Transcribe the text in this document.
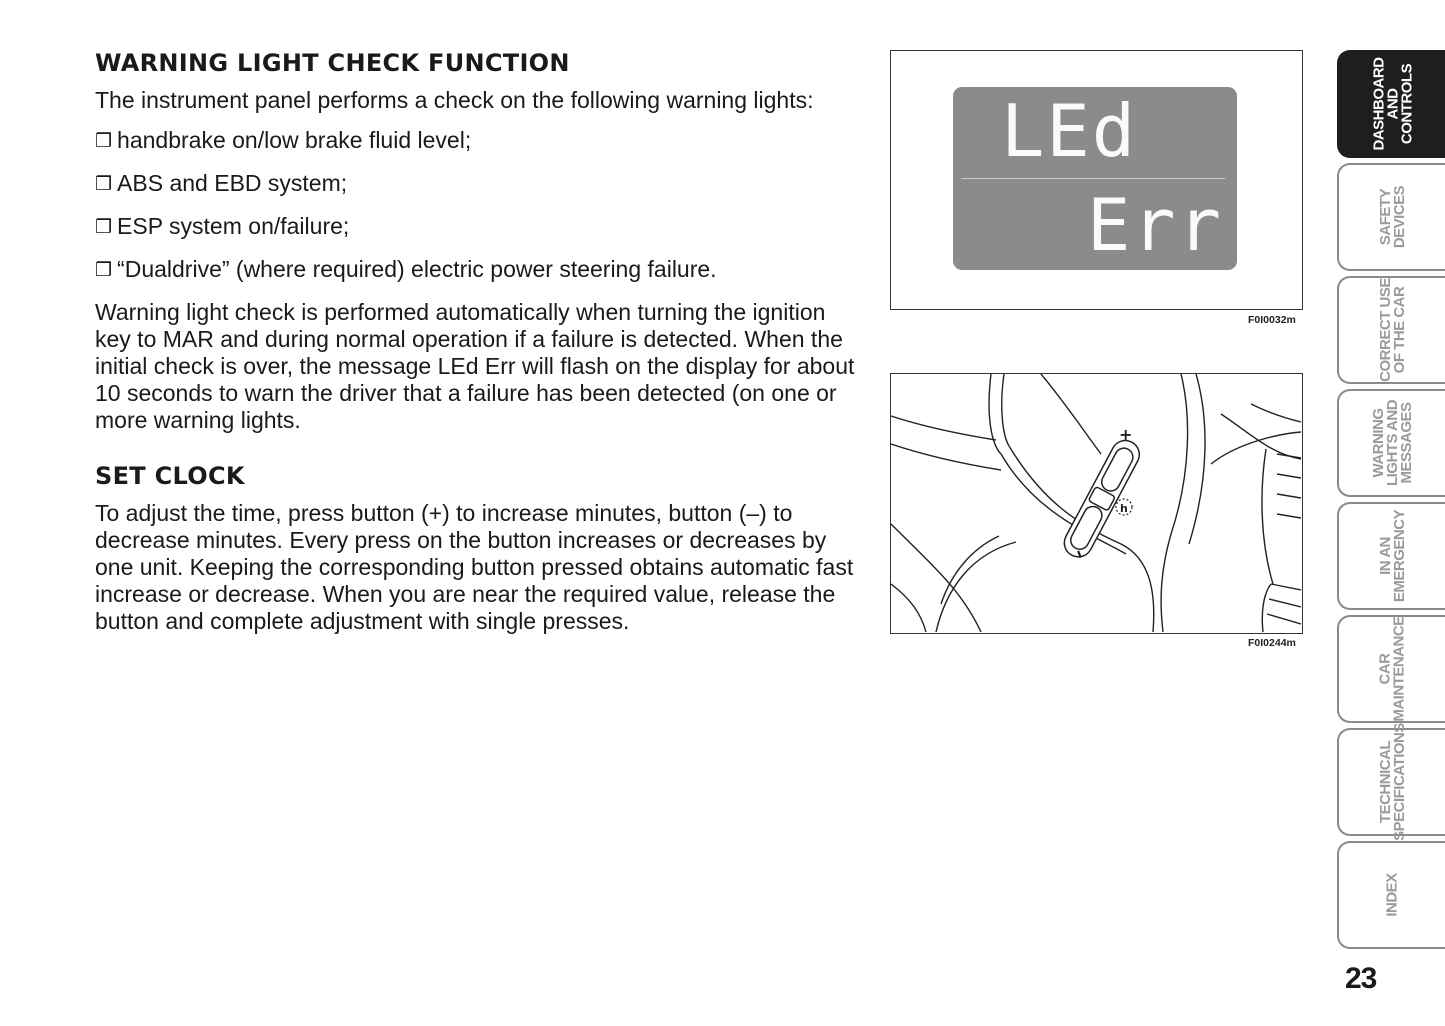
WARNING LIGHT CHECK FUNCTION

The instrument panel performs a check on the following warning lights:

❒ handbrake on/low brake fluid level;
❒ ABS and EBD system;
❒ ESP system on/failure;
❒ “Dualdrive” (where required) electric power steering failure.

Warning light check is performed automatically when turning the ignition key to MAR and during normal operation if a failure is detected. When the initial check is over, the message LEd Err will flash on the display for about 10 seconds to warn the driver that a failure has been detected (on one or more warning lights.

SET CLOCK

To adjust the time, press button (+) to increase minutes, button (–) to decrease minutes. Every press on the button increases or decreases by one unit. Keeping the corresponding button pressed obtains automatic fast increase or decrease. When you are near the required value, release the button and complete adjustment with single presses.

LEd
Err
F0I0032m
+
–
h
F0I0244m
DASHBOARD
AND
CONTROLS
SAFETY
DEVICES
CORRECT USE
OF THE CAR
WARNING
LIGHTS AND
MESSAGES
IN AN
EMERGENCY
CAR
MAINTENANCE
TECHNICAL
SPECIFICATIONS
INDEX
23
